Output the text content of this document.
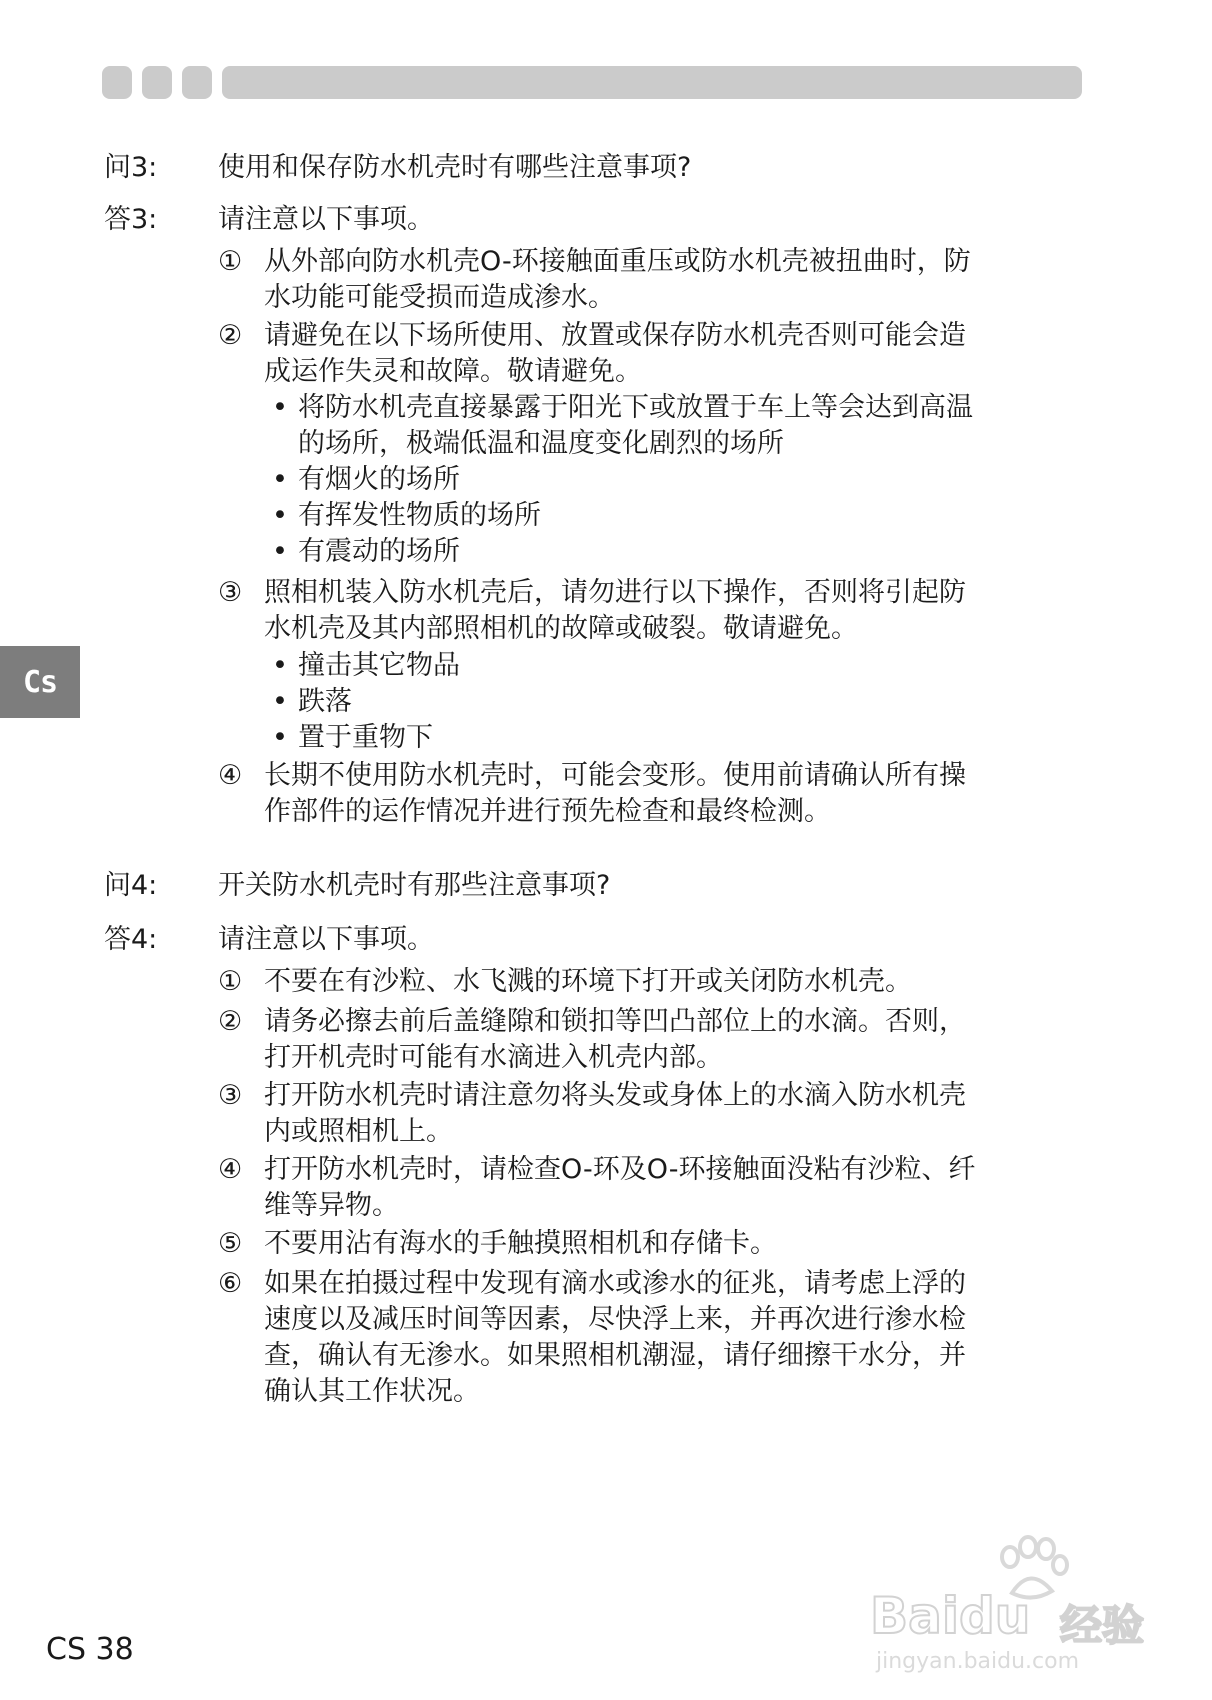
问3: 使用和保存防水机壳时有哪些注意事项?
答3: 请注意以下事项。
① 从外部向防水机壳O-环接触面重压或防水机壳被扭曲时，防
水功能可能受损而造成渗水。
② 请避免在以下场所使用、放置或保存防水机壳否则可能会造
成运作失灵和故障。敬请避免。
• 将防水机壳直接暴露于阳光下或放置于车上等会达到高温
的场所，极端低温和温度变化剧烈的场所
• 有烟火的场所
• 有挥发性物质的场所
• 有震动的场所
③ 照相机装入防水机壳后，请勿进行以下操作，否则将引起防
水机壳及其内部照相机的故障或破裂。敬请避免。
• 撞击其它物品
• 跌落
• 置于重物下
④ 长期不使用防水机壳时，可能会变形。使用前请确认所有操
作部件的运作情况并进行预先检查和最终检测。
问4: 开关防水机壳时有那些注意事项?
答4: 请注意以下事项。
① 不要在有沙粒、水飞溅的环境下打开或关闭防水机壳。
② 请务必擦去前后盖缝隙和锁扣等凹凸部位上的水滴。否则，
打开机壳时可能有水滴进入机壳内部。
③ 打开防水机壳时请注意勿将头发或身体上的水滴入防水机壳
内或照相机上。
④ 打开防水机壳时，请检查O-环及O-环接触面没粘有沙粒、纤
维等异物。
⑤ 不要用沾有海水的手触摸照相机和存储卡。
⑥ 如果在拍摄过程中发现有滴水或渗水的征兆，请考虑上浮的
速度以及减压时间等因素，尽快浮上来，并再次进行渗水检
查，确认有无渗水。如果照相机潮湿，请仔细擦干水分，并
确认其工作状况。
Cs
CS 38
Baidu 经验
jingyan.baidu.com
